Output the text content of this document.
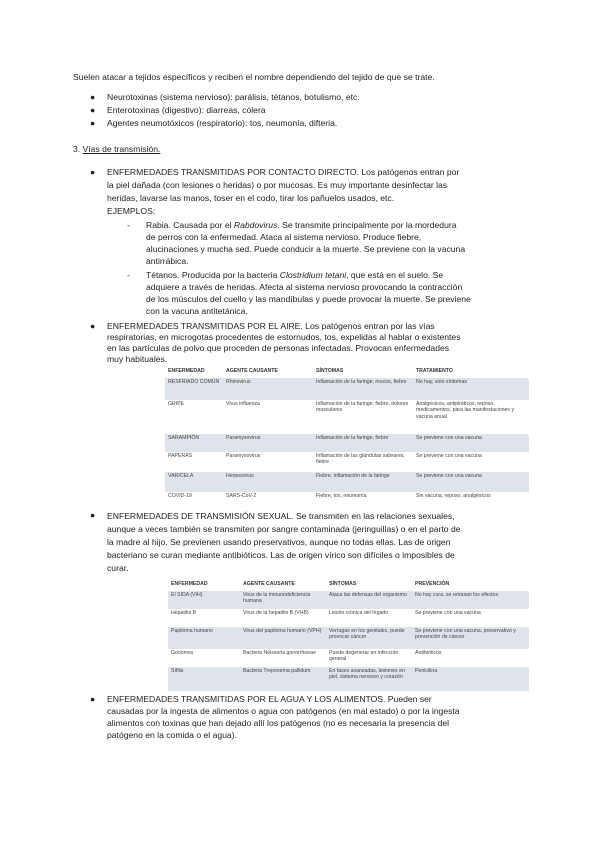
Suelen atacar a tejidos específicos y reciben el nombre dependiendo del tejido de que se trate.

● Neurotoxinas (sistema nervioso): parálisis, tétanos, botulismo, etc.

● Enterotoxinas (digestivo): diarreas, cólera

● Agentes neumotóxicos (respiratorio): tos, neumonía, difteria.

3. Vías de transmisión.

● ENFERMEDADES TRANSMITIDAS POR CONTACTO DIRECTO. Los patógenos entran por

la piel dañada (con lesiones o heridas) o por mucosas. Es muy importante desinfectar las

heridas, lavarse las manos, toser en el codo, tirar los pañuelos usados, etc.

EJEMPLOS:

- Rabia. Causada por el Rabdovirus. Se transmite principalmente por la mordedura

de perros con la enfermedad. Ataca al sistema nervioso. Produce fiebre,

alucinaciones y mucha sed. Puede conducir a la muerte. Se previene con la vacuna

antirrábica.

- Tétanos. Producida por la bacteria Clostridium tetani, que está en el suelo. Se

adquiere a través de heridas. Afecta al sistema nervioso provocando la contracción

de los músculos del cuello y las mandíbulas y puede provocar la muerte. Se previene

con la vacuna antitetánica.

● ENFERMEDADES TRANSMITIDAS POR EL AIRE. Los patógenos entran por las vías

respiratorias, en microgotas procedentes de estornudos, tos, expelidas al hablar o existentes

en las partículas de polvo que proceden de personas infectadas. Provocan enfermedades

muy habituales.

ENFERMEDAD	AGENTE CAUSANTE	SÍNTOMAS	TRATAMIENTO
RESFRIADO COMÚN	Rhinovirus	Inflamación de la faringe, mocos, fiebre	No hay, solo síntomas
GRIPE	Virus influenza	Inflamación de la faringe, fiebre, dolores musculares	Analgésicos, antipiréticos, reposo, medicamentos, para las manifestaciones y vacuna anual
SARAMPIÓN	Paramyxovirus	Inflamación de la faringe, fiebre	Se previene con una vacuna
PAPERAS	Paramyxovirus	Inflamación de las glándulas salivares, fiebre	Se previene con una vacuna
VARICELA	Herpesvirus	Fiebre, inflamación de la faringe	Se previene con una vacuna
COVID-19	SARS-CoV-2	Fiebre, tos, neumonía	Sin vacuna, reposo, analgésicos
● ENFERMEDADES DE TRANSMISIÓN SEXUAL. Se transmiten en las relaciones sexuales,

aunque a veces también se transmiten por sangre contaminada (jeringuillas) o en el parto de

la madre al hijo. Se previenen usando preservativos, aunque no todas ellas. Las de origen

bacteriano se curan mediante antibióticos. Las de origen vírico son difíciles o imposibles de

curar.

ENFERMEDAD	AGENTE CAUSANTE	SÍNTOMAS	PREVENCIÓN
El SIDA (VIH)	Virus de la inmunodeficiencia humana	Ataca las defensas del organismo	No hay cura, se retrasan los efectos
Hepatitis B	Virus de la hepatitis B (VHB)	Lesión crónica del hígado	Se previene con una vacuna
Papiloma humano	Virus del papiloma humano (VPH)	Verrugas en los genitales, puede provocar cáncer	Se previene con una vacuna, preservativo y prevención de cáncer
Gonorrea	Bacteria Neisseria gonorrhoeae	Puede degenerar en infección general	Antibióticos
Sífilis	Bacteria Treponema pallidum	En fases avanzadas, lesiones en piel, sistema nervioso y corazón	Penicilina
● ENFERMEDADES TRANSMITIDAS POR EL AGUA Y LOS ALIMENTOS. Pueden ser

causadas por la ingesta de alimentos o agua con patógenos (en mal estado) o por la ingesta

alimentos con toxinas que han dejado allí los patógenos (no es necesaria la presencia del

patógeno en la comida o el agua).
